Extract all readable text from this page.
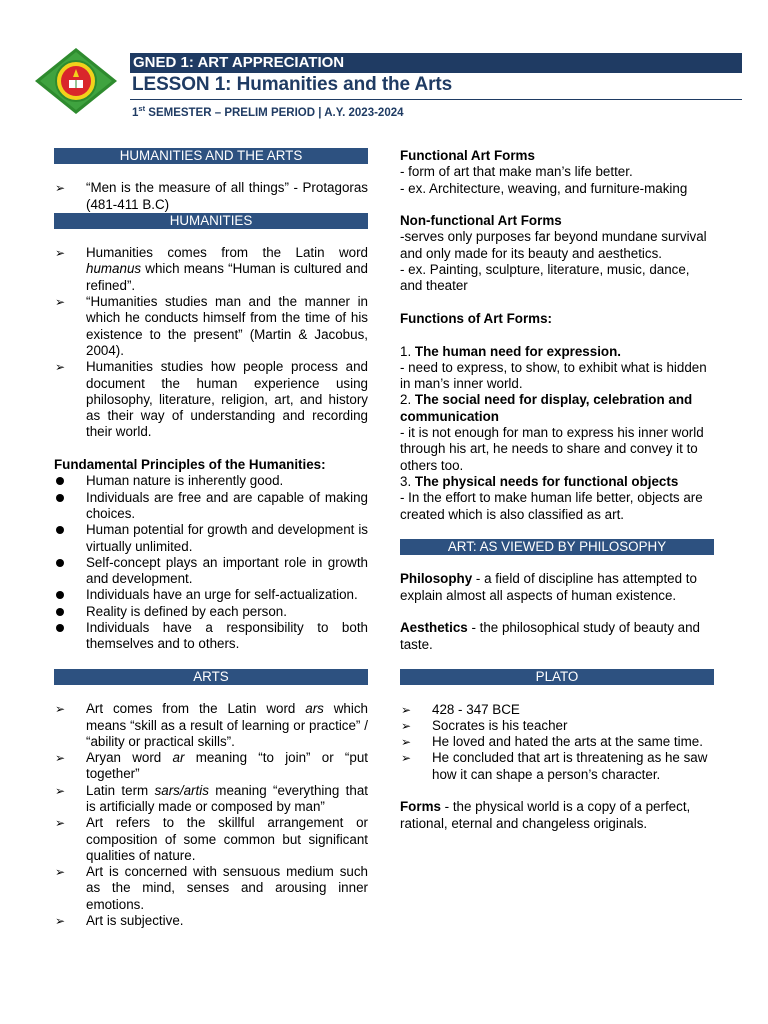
GNED 1: ART APPRECIATION
LESSON 1: Humanities and the Arts
1st SEMESTER – PRELIM PERIOD | A.Y. 2023-2024
HUMANITIES AND THE ARTS
➢ “Men is the measure of all things” - Protagoras (481-411 B.C)
HUMANITIES
➢ Humanities comes from the Latin word humanus which means “Human is cultured and refined”.
➢ “Humanities studies man and the manner in which he conducts himself from the time of his existence to the present” (Martin & Jacobus, 2004).
➢ Humanities studies how people process and document the human experience using philosophy, literature, religion, art, and history as their way of understanding and recording their world.
Fundamental Principles of the Humanities:
Human nature is inherently good.
Individuals are free and are capable of making choices.
Human potential for growth and development is virtually unlimited.
Self-concept plays an important role in growth and development.
Individuals have an urge for self-actualization.
Reality is defined by each person.
Individuals have a responsibility to both themselves and to others.
ARTS
➢ Art comes from the Latin word ars which means “skill as a result of learning or practice” / “ability or practical skills”.
➢ Aryan word ar meaning “to join” or “put together”
➢ Latin term sars/artis meaning “everything that is artificially made or composed by man”
➢ Art refers to the skillful arrangement or composition of some common but significant qualities of nature.
➢ Art is concerned with sensuous medium such as the mind, senses and arousing inner emotions.
➢ Art is subjective.
Functional Art Forms
- form of art that make man’s life better.
- ex. Architecture, weaving, and furniture-making
Non-functional Art Forms
-serves only purposes far beyond mundane survival and only made for its beauty and aesthetics.
- ex. Painting, sculpture, literature, music, dance, and theater
Functions of Art Forms:
1. The human need for expression.
- need to express, to show, to exhibit what is hidden in man’s inner world.
2. The social need for display, celebration and communication
- it is not enough for man to express his inner world through his art, he needs to share and convey it to others too.
3. The physical needs for functional objects
- In the effort to make human life better, objects are created which is also classified as art.
ART: AS VIEWED BY PHILOSOPHY
Philosophy - a field of discipline has attempted to explain almost all aspects of human existence.
Aesthetics - the philosophical study of beauty and taste.
PLATO
➢ 428 - 347 BCE
➢ Socrates is his teacher
➢ He loved and hated the arts at the same time.
➢ He concluded that art is threatening as he saw how it can shape a person’s character.
Forms - the physical world is a copy of a perfect, rational, eternal and changeless originals.
